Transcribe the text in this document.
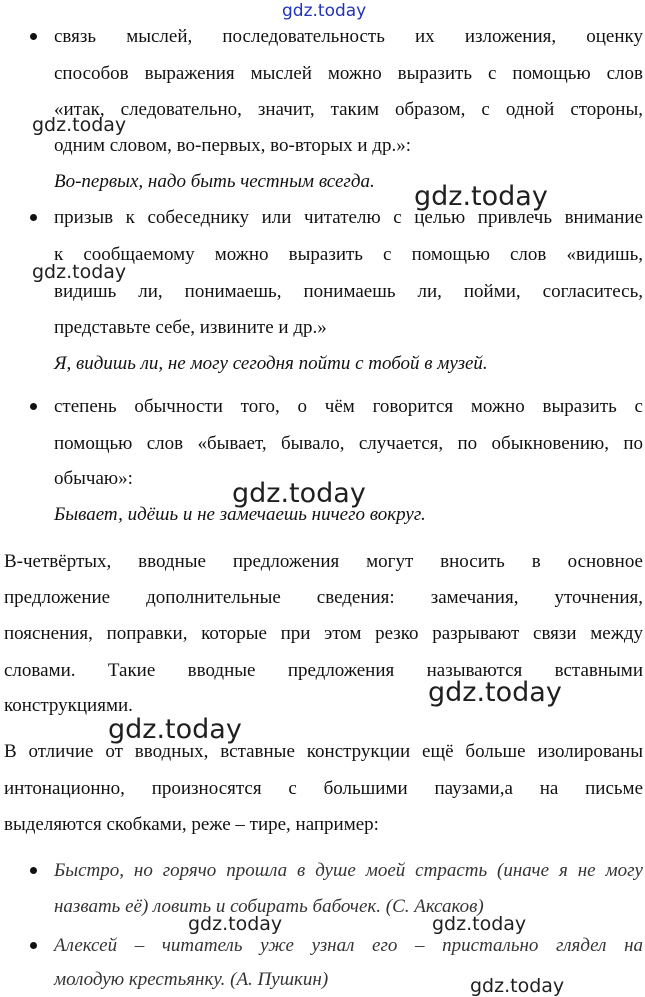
gdz.today
gdz.today
gdz.today
gdz.today
gdz.today
gdz.today
gdz.today
gdz.today	gdz.today
gdz.today
связь мыслей, последовательность их изложения, оценку
способов выражения мыслей можно выразить с помощью слов
«итак, следовательно, значит, таким образом, с одной стороны,
одним словом, во-первых, во-вторых и др.»:
Во-первых, надо быть честным всегда.
призыв к собеседнику или читателю с целью привлечь внимание
к сообщаемому можно выразить с помощью слов «видишь,
видишь ли, понимаешь, понимаешь ли, пойми, согласитесь,
представьте себе, извините и др.»
Я, видишь ли, не могу сегодня пойти с тобой в музей.
степень обычности того, о чём говорится можно выразить с
помощью слов «бывает, бывало, случается, по обыкновению, по
обычаю»:
Бывает, идёшь и не замечаешь ничего вокруг.
В-четвёртых, вводные предложения могут вносить в основное
предложение дополнительные сведения: замечания, уточнения,
пояснения, поправки, которые при этом резко разрывают связи между
словами. Такие вводные предложения называются вставными
конструкциями.
В отличие от вводных, вставные конструкции ещё больше изолированы
интонационно, произносятся с большими паузами,а на письме
выделяются скобками, реже – тире, например:
Быстро, но горячо прошла в душе моей страсть (иначе я не могу
назвать её) ловить и собирать бабочек. (С. Аксаков)
Алексей – читатель уже узнал его – пристально глядел на
молодую крестьянку. (А. Пушкин)
